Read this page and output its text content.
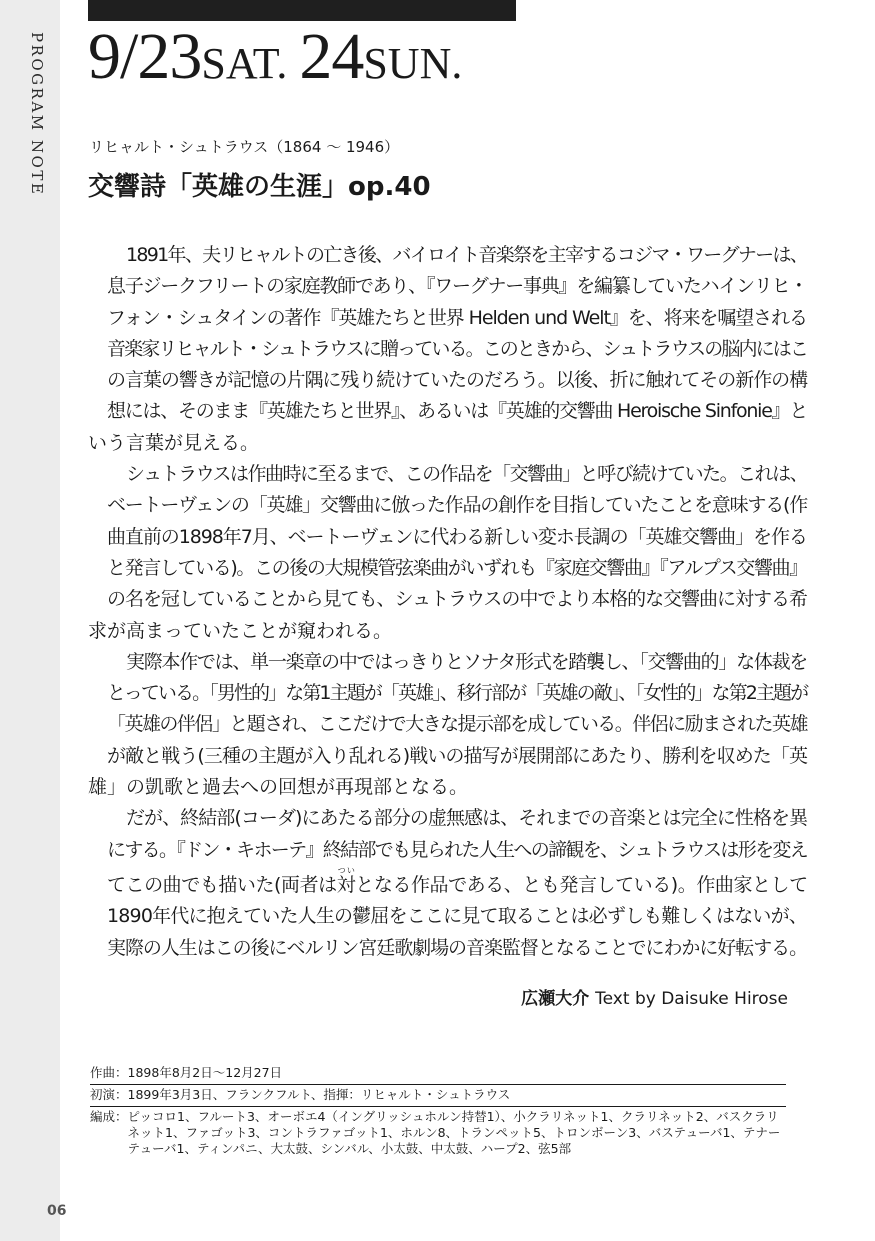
PROGRAM NOTE
06
9/23SAT. 24SUN.
リヒャルト・シュトラウス（1864 ～ 1946）
交響詩「英雄の生涯」op.40

1891年、夫リヒャルトの亡き後、バイロイト音楽祭を主宰するコジマ・ワーグナーは、
息子ジークフリートの家庭教師であり、『ワーグナー事典』を編纂していたハインリヒ・
フォン・シュタインの著作『英雄たちと世界 Helden und Welt』を、将来を嘱望される
音楽家リヒャルト・シュトラウスに贈っている。このときから、シュトラウスの脳内にはこ
の言葉の響きが記憶の片隅に残り続けていたのだろう。以後、折に触れてその新作の構
想には、そのまま『英雄たちと世界』、あるいは『英雄的交響曲 Heroische Sinfonie』と
いう言葉が見える。

シュトラウスは作曲時に至るまで、この作品を「交響曲」と呼び続けていた。これは、
ベートーヴェンの「英雄」交響曲に倣った作品の創作を目指していたことを意味する(作
曲直前の1898年7月、ベートーヴェンに代わる新しい変ホ長調の「英雄交響曲」を作る
と発言している)。この後の大規模管弦楽曲がいずれも『家庭交響曲』『アルプス交響曲』
の名を冠していることから見ても、シュトラウスの中でより本格的な交響曲に対する希
求が高まっていたことが窺われる。

実際本作では、単一楽章の中ではっきりとソナタ形式を踏襲し、「交響曲的」な体裁を
とっている。「男性的」な第1主題が「英雄」、移行部が「英雄の敵」、「女性的」な第2主題が
「英雄の伴侶」と題され、ここだけで大きな提示部を成している。伴侶に励まされた英雄
が敵と戦う(三種の主題が入り乱れる)戦いの描写が展開部にあたり、勝利を収めた「英
雄」の凱歌と過去への回想が再現部となる。

だが、終結部(コーダ)にあたる部分の虚無感は、それまでの音楽とは完全に性格を異
にする。『ドン・キホーテ』終結部でも見られた人生への諦観を、シュトラウスは形を変え
てこの曲でも描いた(両者は対ついとなる作品である、とも発言している)。作曲家として
1890年代に抱えていた人生の鬱屈をここに見て取ることは必ずしも難しくはないが、
実際の人生はこの後にベルリン宮廷歌劇場の音楽監督となることでにわかに好転する。

広瀬大介 Text by Daisuke Hirose
作曲 ： 1898年8月2日～12月27日
初演 ： 1899年3月3日、フランクフルト、指揮：リヒャルト・シュトラウス
編成 ： ピッコロ1、フルート3、オーボエ4（イングリッシュホルン持替1）、小クラリネット1、クラリネット2、バスクラリネット1、ファゴット3、コントラファゴット1、ホルン8、トランペット5、トロンボーン3、バステューバ1、テナーテューバ1、ティンパニ、大太鼓、シンバル、小太鼓、中太鼓、ハープ2、弦5部
